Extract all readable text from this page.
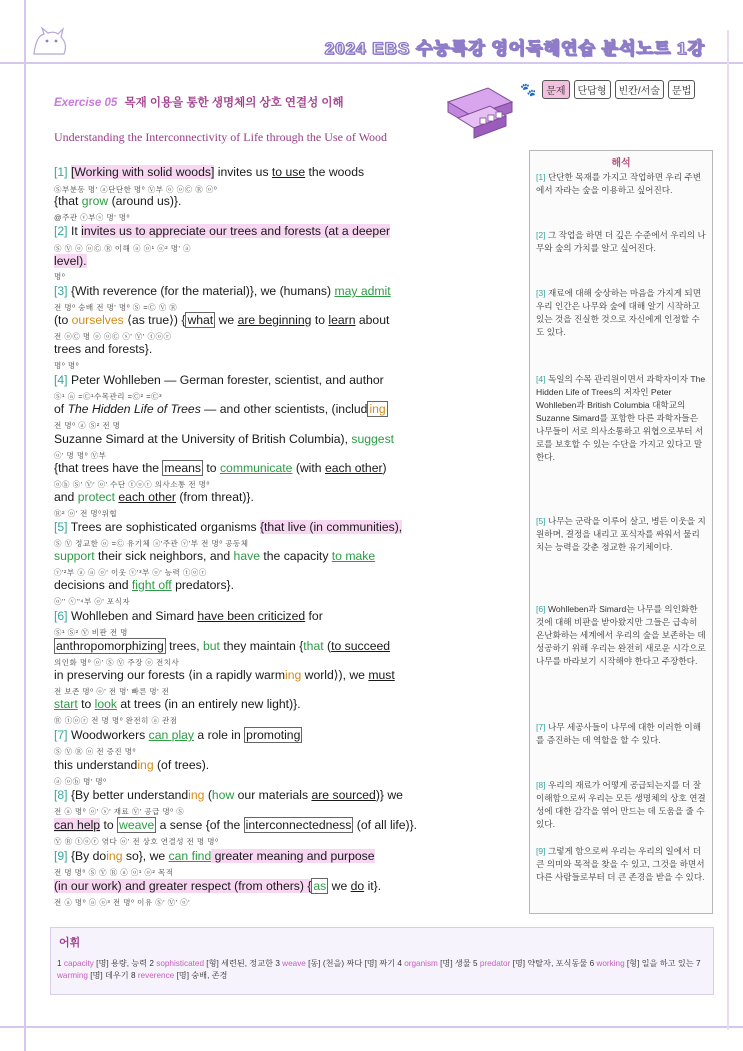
2024 EBS 수능특강 영어독해연습 분석노트 1강
🐾	문제	단답형	빈칸/서술	문법
Exercise 05 목재 이용을 통한 생명체의 상호 연결성 이해
Understanding the Interconnectivity of Life through the Use of Wood
[1] [Working with solid woods] invites us to use the woods
Ⓢ부분동 명' ⓐ단단한 명⁰ Ⓥ부 ⓞ ⓞⒸ Ⓡ ⓞ⁰
{that grow (around us)}.
@주관 ⓥ부ⓢ 명' 명⁰
[2] It invites us to appreciate our trees and forests (at a deeper
Ⓢ Ⓥ ⓞ ⓞⒸ Ⓡ 이해 ⓐ ⓞ¹ ⓞ² 명' ⓐ
level).
명⁰
[3] {With reverence (for the material)}, we (humans) may admit
전 명⁰ 숭배 전 명' 명⁰ Ⓢ =Ⓒ Ⓥ Ⓡ
(to ourselves ⟨as true⟩) { what we are beginning to learn about
전 ⓞⒸ 명 ⓞ ⓞⒸ ⓢ' Ⓥ' ⓣⓞⓡ
trees and forests}.
명⁰ 명⁰
[4] Peter Wohlleben — German forester, scientist, and author
Ⓢ¹ ⓐ =Ⓒ¹수목관리 =Ⓒ² =Ⓒ³
of The Hidden Life of Trees — and other scientists, (includ ing
전 명⁰ ⓐ Ⓢ² 전 명
Suzanne Simard at the University of British Columbia), suggest
ⓞ' 명 명⁰ Ⓥ부
{that trees have the means to communicate (with each other)
ⓞⓑ Ⓢ' Ⓥ' ⓞ' 수단 ⓣⓞⓡ 의사소통 전 명⁰
and protect each other (from threat)}.
Ⓡ² ⓞ' 전 명⁰위협
[5] Trees are sophisticated organisms {that live (in communities),
Ⓢ Ⓥ 정교한 ⓞ =Ⓒ 유기체 ⓢ'주관 ⓥ'부 전 명⁰ 공동체
support their sick neighbors, and have the capacity to make
ⓥ'²부 ⓐ ⓐ ⓞ' 이웃 ⓥ'³부 ⓞ' 능력 ⓣⓞⓡ
decisions and fight off predators}.
ⓞ'' ⓥ''⁴부 ⓞ' 포식자
[6] Wohlleben and Simard have been criticized for
Ⓢ¹ Ⓢ² Ⓥ 비판 전 명
anthropomorphizing trees, but they maintain {that (to succeed
의인화 명⁰ ⓞ' Ⓢ Ⓥ 주장 ⓞ 전치사
in preserving our forests ⟨in a rapidly warming world⟩), we must
전 보존 명⁰ ⓞ' 전 명' 빠른 명' 전
start to look at trees (in an entirely new light)}.
Ⓡ ⓣⓞⓡ 전 명 명⁰ 완전히 ⓐ 관점
[7] Woodworkers can play a role in promoting
Ⓢ Ⓥ Ⓡ ⓞ 전 증진 명⁰
this understanding (of trees).
ⓐ ⓞⓑ 명' 명⁰
[8] {By better understanding (how our materials are sourced)} we
전 ⓐ 명⁰ ⓞ' ⓢ' 재료 Ⓥ' 공급 명⁰ Ⓢ
can help to weave a sense {of the interconnectedness (of all life)}.
Ⓥ Ⓡ ⓣⓞⓡ 엮다 ⓞ' 전 상호 연결성 전 명 명⁰
[9] {By doing so}, we can find greater meaning and purpose
전 명 명⁰ Ⓢ Ⓥ Ⓡ ⓐ ⓞ¹ ⓞ² 목적
(in our work) and greater respect (from others) { as we do it}.
전 ⓐ 명⁰ ⓐ ⓞ³ 전 명⁰ 이유 Ⓢ' Ⓥ' ⓞ'
해석
[1] 단단한 목재를 가지고 작업하면 우리 주변에서 자라는 숲을 이용하고 싶어진다.
[2] 그 작업을 하면 더 깊은 수준에서 우리의 나무와 숲의 가치를 알고 싶어진다.
[3] 재료에 대해 숭상하는 마음을 가지게 되면 우리 인간은 나무와 숲에 대해 알기 시작하고 있는 것을 진실한 것으로 자신에게 인정할 수도 있다.
[4] 독일의 수목 관리원이면서 과학자이자 The Hidden Life of Trees의 저자인 Peter Wohlleben과 British Columbia 대학교의 Suzanne Simard를 포함한 다른 과학자들은 나무들이 서로 의사소통하고 위협으로부터 서로를 보호할 수 있는 수단을 가지고 있다고 말한다.
[5] 나무는 군락을 이루어 살고, 병든 이웃을 지원하며, 결정을 내리고 포식자를 싸워서 물리치는 능력을 갖춘 정교한 유기체이다.
[6] Wohlleben과 Simard는 나무를 의인화한 것에 대해 비판을 받아왔지만 그들은 급속히 온난화하는 세계에서 우리의 숲을 보존하는 데 성공하기 위해 우리는 완전히 새로운 시각으로 나무를 바라보기 시작해야 한다고 주장한다.
[7] 나무 세공사들이 나무에 대한 이러한 이해를 증진하는 데 역할을 할 수 있다.
[8] 우리의 재료가 어떻게 공급되는지를 더 잘 이해함으로써 우리는 모든 생명체의 상호 연결성에 대한 감각을 엮어 만드는 데 도움을 줄 수 있다.
[9] 그렇게 함으로써 우리는 우리의 일에서 더 큰 의미와 목적을 찾을 수 있고, 그것을 하면서 다른 사람들로부터 더 큰 존경을 받을 수 있다.
어휘
1 capacity [명] 용량, 능력 2 sophisticated [형] 세련된, 정교한 3 weave [동] (천을) 짜다 [명] 짜기 4 organism [명] 생물 5 predator [명] 약탈자, 포식동물 6 working [형] 일을 하고 있는 7 warming [명] 데우기 8 reverence [명] 숭배, 존경
